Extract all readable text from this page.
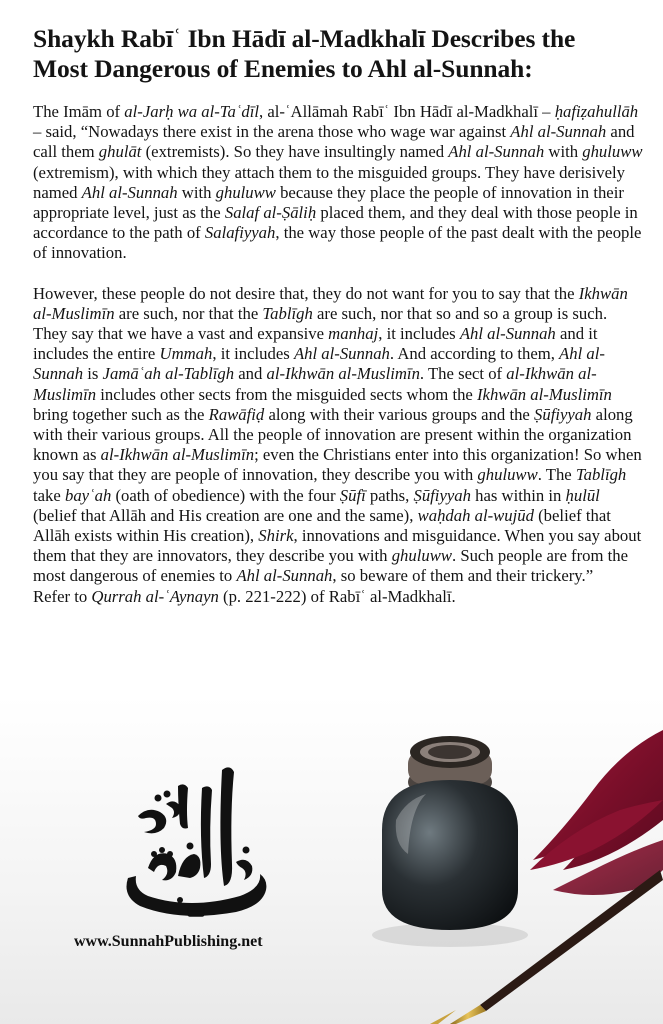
Shaykh Rabīʿ Ibn Hādī al-Madkhalī Describes the
Most Dangerous of Enemies to Ahl al-Sunnah:

The Imām of al-Jarḥ wa al-Taʿdīl, al-ʿAllāmah Rabīʿ Ibn Hādī al-Madkhalī – ḥafiẓahullāh – said, “Nowadays there exist in the arena those who wage war against Ahl al-Sunnah and call them ghulāt (extremists). So they have insultingly named Ahl al-Sunnah with ghuluww (extremism), with which they attach them to the misguided groups. They have derisively named Ahl al-Sunnah with ghuluww because they place the people of innovation in their appropriate level, just as the Salaf al-Ṣāliḥ placed them, and they deal with those people in accordance to the path of Salafiyyah, the way those people of the past dealt with the people of innovation.

However, these people do not desire that, they do not want for you to say that the Ikhwān al-Muslimīn are such, nor that the Tablīgh are such, nor that so and so a group is such. They say that we have a vast and expansive manhaj, it includes Ahl al-Sunnah and it includes the entire Ummah, it includes Ahl al-Sunnah. And according to them, Ahl al-Sunnah is Jamāʿah al-Tablīgh and al-Ikhwān al-Muslimīn. The sect of al-Ikhwān al-Muslimīn includes other sects from the misguided sects whom the Ikhwān al-Muslimīn bring together such as the Rawāfiḍ along with their various groups and the Ṣūfiyyah along with their various groups. All the people of innovation are present within the organization known as al-Ikhwān al-Muslimīn; even the Christians enter into this organization! So when you say that they are people of innovation, they describe you with ghuluww. The Tablīgh take bayʿah (oath of obedience) with the four Ṣūfī paths, Ṣūfiyyah has within in ḥulūl (belief that Allāh and His creation are one and the same), waḥdah al-wujūd (belief that Allāh exists within His creation), Shirk, innovations and misguidance. When you say about them that they are innovators, they describe you with ghuluww. Such people are from the most dangerous of enemies to Ahl al-Sunnah, so beware of them and their trickery.”
Refer to Qurrah al-ʿAynayn (p. 221-222) of Rabīʿ al-Madkhalī.

www.SunnahPublishing.net
